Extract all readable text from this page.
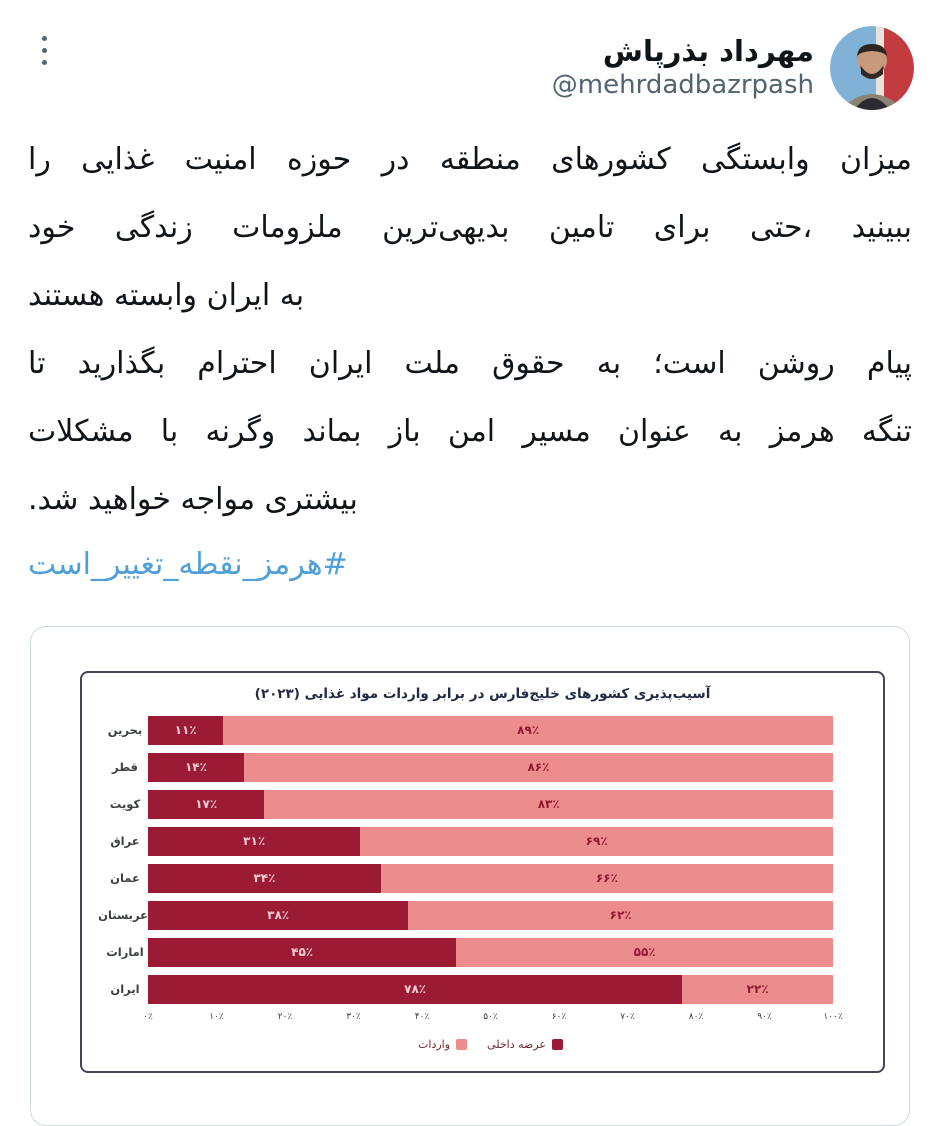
مهرداد بذرپاش
@mehrdadbazrpash
میزان وابستگی کشورهای منطقه در حوزه امنیت غذایی را
ببینید ،حتی برای تامین بدیهی‌ترین ملزومات زندگی خود
به ایران وابسته هستند
پیام روشن است؛ به حقوق ملت ایران احترام بگذارید تا
تنگه هرمز به عنوان مسیر امن باز بماند وگرنه با مشکلات
بیشتری مواجه خواهید شد.
#هرمز_نقطه_تغییر_است
آسیب‌پذیری کشورهای خلیج‌فارس در برابر واردات مواد غذایی (۲۰۲۳)
بحرین	۱۱٪	۸۹٪
قطر	۱۴٪	۸۶٪
کویت	۱۷٪	۸۳٪
عراق	۳۱٪	۶۹٪
عمان	۳۴٪	۶۶٪
عربستان	۳۸٪	۶۲٪
امارات	۴۵٪	۵۵٪
ایران	۷۸٪	۲۲٪
۰٪	۱۰٪	۲۰٪	۳۰٪	۴۰٪	۵۰٪	۶۰٪	۷۰٪	۸۰٪	۹۰٪	۱۰۰٪
واردات	عرضه داخلی
